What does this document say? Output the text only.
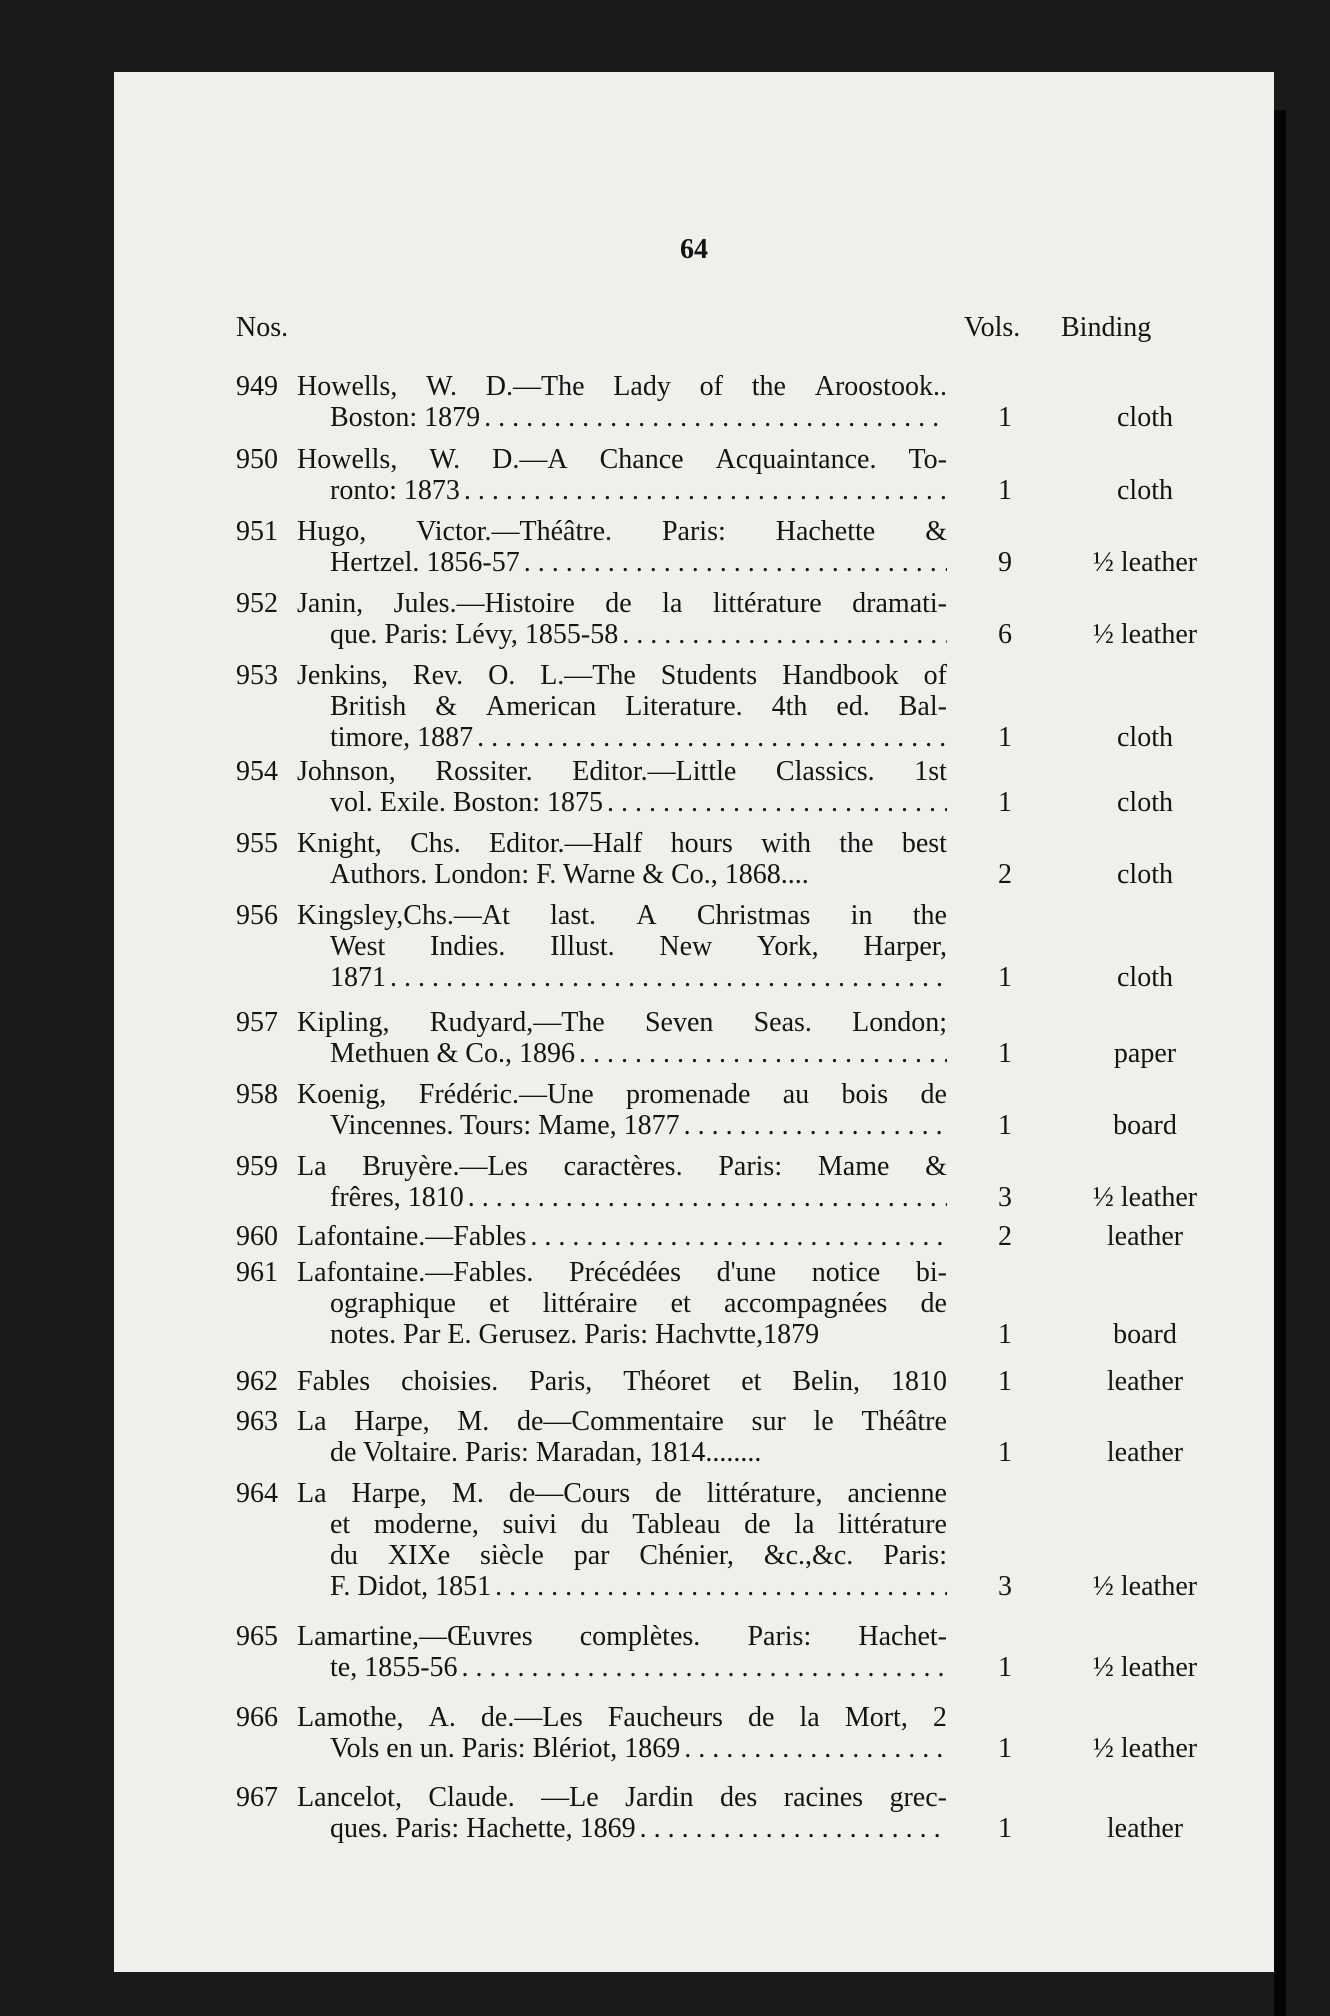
64
Nos.	Vols. Binding
949 Howells, W. D.—The Lady of the Aroostook..
Boston: 1879 . . .	1	cloth
950 Howells, W. D.—A Chance Acquaintance. To-
ronto: 1873 . . .	1	cloth
951 Hugo, Victor.—Théâtre. Paris: Hachette &
Hertzel. 1856-57 . . .	9	½ leather
952 Janin, Jules.—Histoire de la littérature dramati-
que. Paris: Lévy, 1855-58 . . .	6	½ leather
953 Jenkins, Rev. O. L.—The Students Handbook of
British & American Literature. 4th ed. Bal-
timore, 1887 . . .	1	cloth
954 Johnson, Rossiter. Editor.—Little Classics. 1st
vol. Exile. Boston: 1875 . . .	1	cloth
955 Knight, Chs. Editor.—Half hours with the best
Authors. London: F. Warne & Co., 1868....	2	cloth
956 Kingsley,Chs.—At last. A Christmas in the
West Indies. Illust. New York, Harper,
1871 . . .	1	cloth
957 Kipling, Rudyard,—The Seven Seas. London;
Methuen & Co., 1896 . . .	1	paper
958 Koenig, Frédéric.—Une promenade au bois de
Vincennes. Tours: Mame, 1877 . . .	1	board
959 La Bruyère.—Les caractères. Paris: Mame &
frêres, 1810 . . .	3	½ leather
960 Lafontaine.—Fables . . .	2	leather
961 Lafontaine.—Fables. Précédées d'une notice bi-
ographique et littéraire et accompagnées de
notes. Par E. Gerusez. Paris: Hachvtte,1879	1	board
962 Fables choisies. Paris, Théoret et Belin, 1810 1	leather
963 La Harpe, M. de—Commentaire sur le Théâtre
de Voltaire. Paris: Maradan, 1814........	1	leather
964 La Harpe, M. de—Cours de littérature, ancienne
et moderne, suivi du Tableau de la littérature
du XIXe siècle par Chénier, &c.,&c. Paris:
F. Didot, 1851 . . .	3	½ leather
965 Lamartine,—Œuvres complètes. Paris: Hachet-
te, 1855-56 . . .	1	½ leather
966 Lamothe, A. de.—Les Faucheurs de la Mort, 2
Vols en un. Paris: Blériot, 1869 . . .	1	½ leather
967 Lancelot, Claude. —Le Jardin des racines grec-
ques. Paris: Hachette, 1869 . . .	1	leather
